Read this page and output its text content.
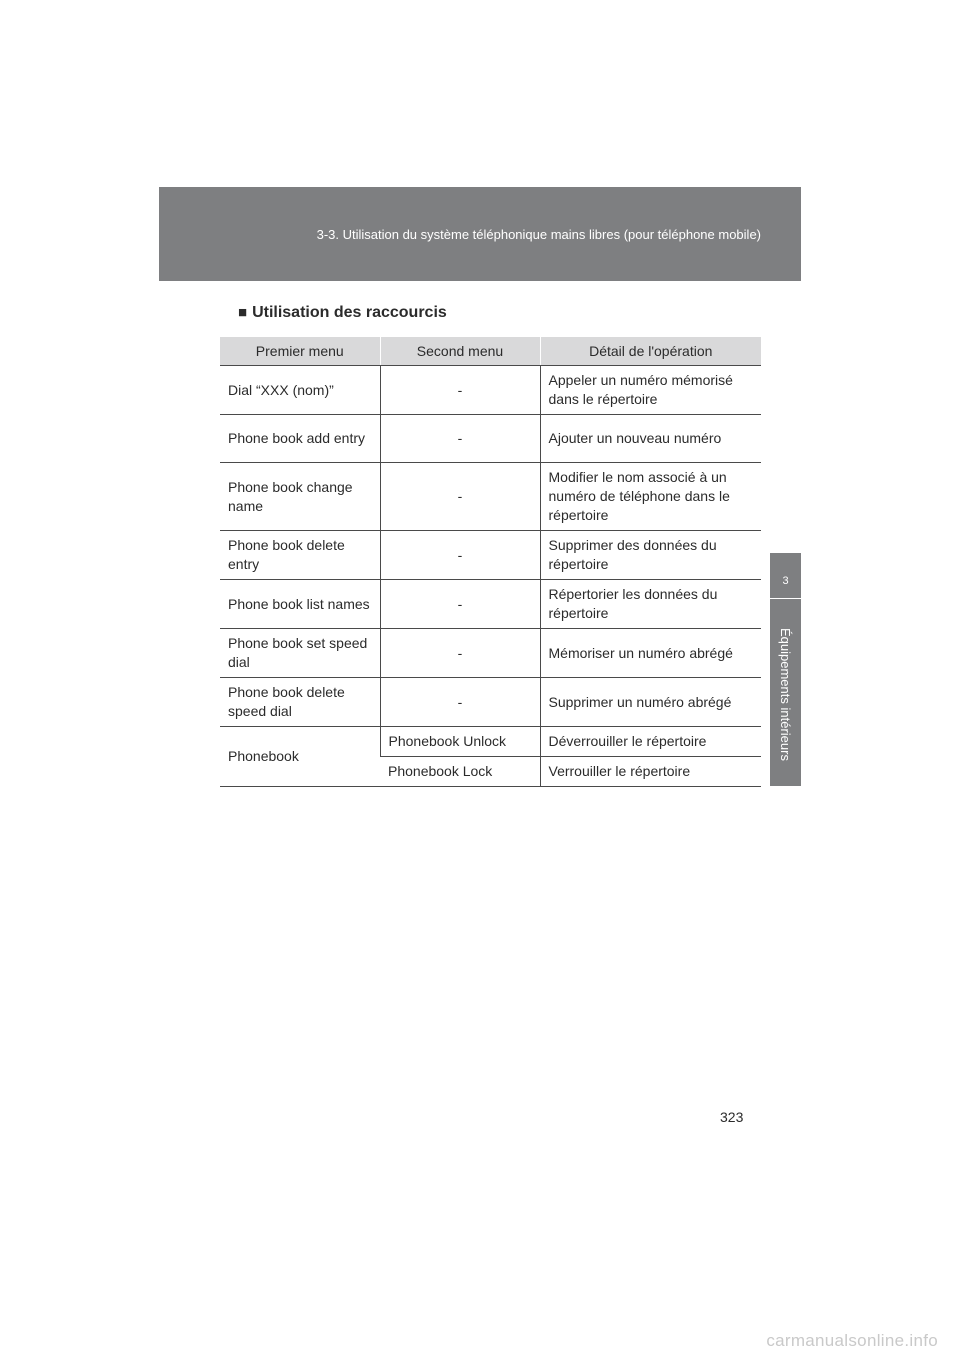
3-3. Utilisation du système téléphonique mains libres (pour téléphone mobile)
3
Équipements intérieurs
■ Utilisation des raccourcis
Premier menu	Second menu	Détail de l'opération
Dial “XXX (nom)”	-	Appeler un numéro mémorisé dans le répertoire
Phone book add entry	-	Ajouter un nouveau numéro
Phone book change name	-	Modifier le nom associé à un numéro de téléphone dans le répertoire
Phone book delete entry	-	Supprimer des données du répertoire
Phone book list names	-	Répertorier les données du répertoire
Phone book set speed dial	-	Mémoriser un numéro abrégé
Phone book delete speed dial	-	Supprimer un numéro abrégé
Phonebook	Phonebook Unlock	Déverrouiller le répertoire
	Phonebook Lock	Verrouiller le répertoire
323
carmanualsonline.info
